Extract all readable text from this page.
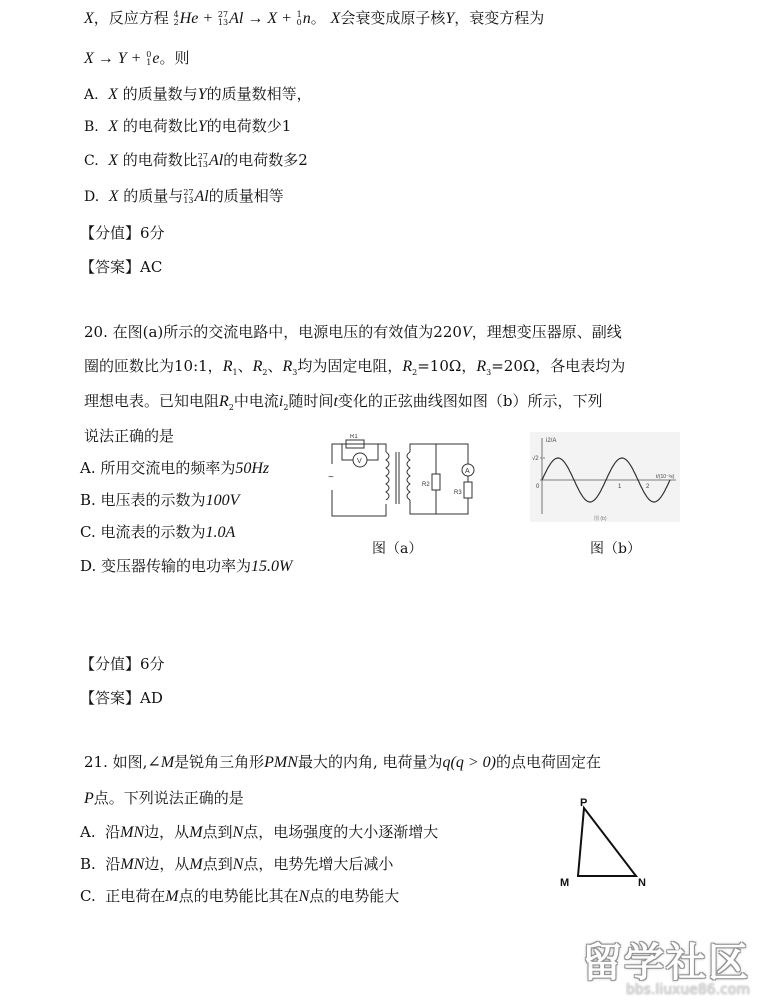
X，反应方程 4
2 He + 27
13 Al → X + 1
0 n。 X会衰变成原子核Y，衰变方程为
X → Y + 0
1 e。则
A. X 的质量数与Y的质量数相等，
B. X 的电荷数比Y的电荷数少1
C. X 的电荷数比 27
13 Al的电荷数多2
D. X 的质量与 27
13 Al的质量相等
【分值】6分
【答案】AC
20. 在图(a)所示的交流电路中，电源电压的有效值为220V，理想变压器原、副线
圈的匝数比为10:1，$R_1$、$R_2$、$R_3$均为固定电阻，$R_2=10\Omega$，$R_3=20\Omega$，各电表均为
理想电表。已知电阻$R_2$中电流$i_2$随时间t变化的正弦曲线图如图（b）所示，下列
说法正确的是
A. 所用交流电的频率为50Hz
B. 电压表的示数为100V
C. 电流表的示数为1.0A
D. 变压器传输的电功率为15.0W
~
R1
V
A
R2
R3
图（a）
i2/A
√2
0	1	2
t/(10⁻²s)
图 (b)
图（b）
【分值】6分
【答案】AD
21. 如图,∠M是锐角三角形PMN最大的内角, 电荷量为q(q > 0)的点电荷固定在
P点。下列说法正确的是
A. 沿MN边，从M点到N点，电场强度的大小逐渐增大
B. 沿MN边，从M点到N点，电势先增大后减小
C. 正电荷在M点的电势能比其在N点的电势能大
P
M	N
留学社区
bbs.liuxue86.com
